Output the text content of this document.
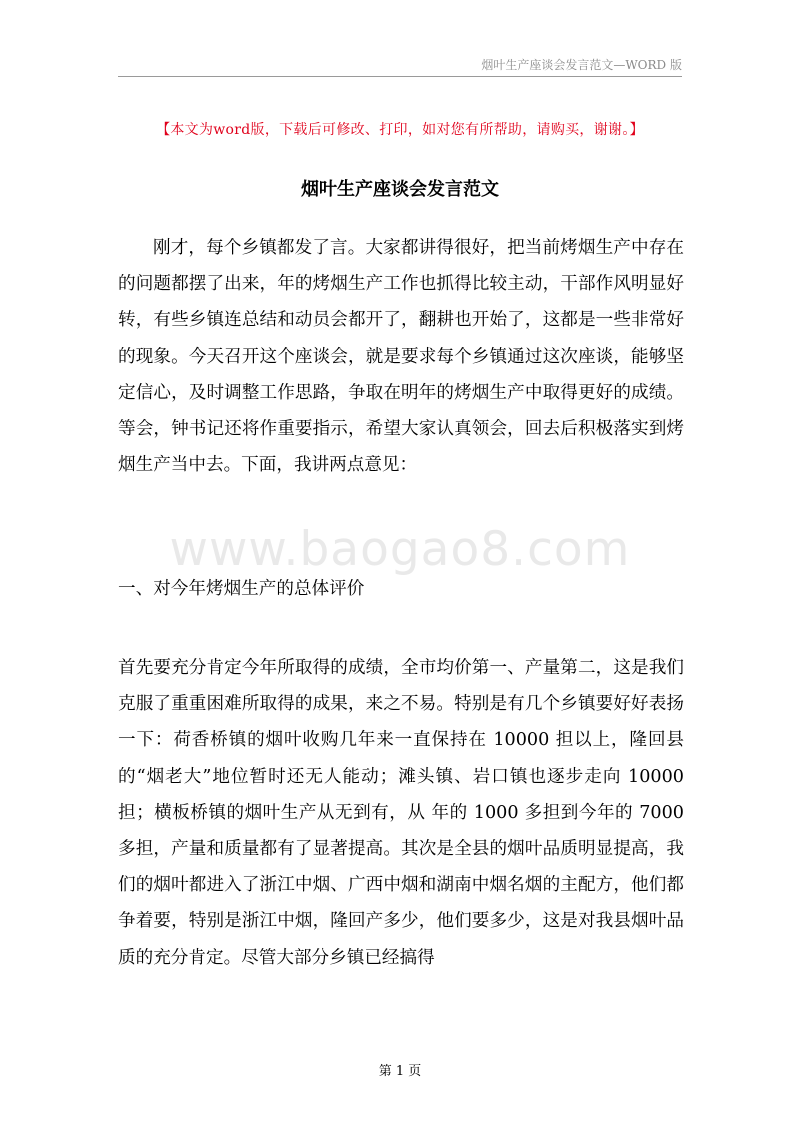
烟叶生产座谈会发言范文—WORD 版
【本文为word版，下载后可修改、打印，如对您有所帮助，请购买，谢谢。】
烟叶生产座谈会发言范文
刚才，每个乡镇都发了言。大家都讲得很好，把当前烤烟生产中存在的问题都摆了出来，年的烤烟生产工作也抓得比较主动，干部作风明显好转，有些乡镇连总结和动员会都开了，翻耕也开始了，这都是一些非常好的现象。今天召开这个座谈会，就是要求每个乡镇通过这次座谈，能够坚定信心，及时调整工作思路，争取在明年的烤烟生产中取得更好的成绩。等会，钟书记还将作重要指示，希望大家认真领会，回去后积极落实到烤烟生产当中去。下面，我讲两点意见：
www.baogao8.com
一、对今年烤烟生产的总体评价
首先要充分肯定今年所取得的成绩，全市均价第一、产量第二，这是我们克服了重重困难所取得的成果，来之不易。特别是有几个乡镇要好好表扬一下：荷香桥镇的烟叶收购几年来一直保持在 10000 担以上，隆回县的“烟老大”地位暂时还无人能动；滩头镇、岩口镇也逐步走向 10000 担；横板桥镇的烟叶生产从无到有，从 年的 1000 多担到今年的 7000 多担，产量和质量都有了显著提高。其次是全县的烟叶品质明显提高，我们的烟叶都进入了浙江中烟、广西中烟和湖南中烟名烟的主配方，他们都争着要，特别是浙江中烟，隆回产多少，他们要多少，这是对我县烟叶品质的充分肯定。尽管大部分乡镇已经搞得
第 1 页
